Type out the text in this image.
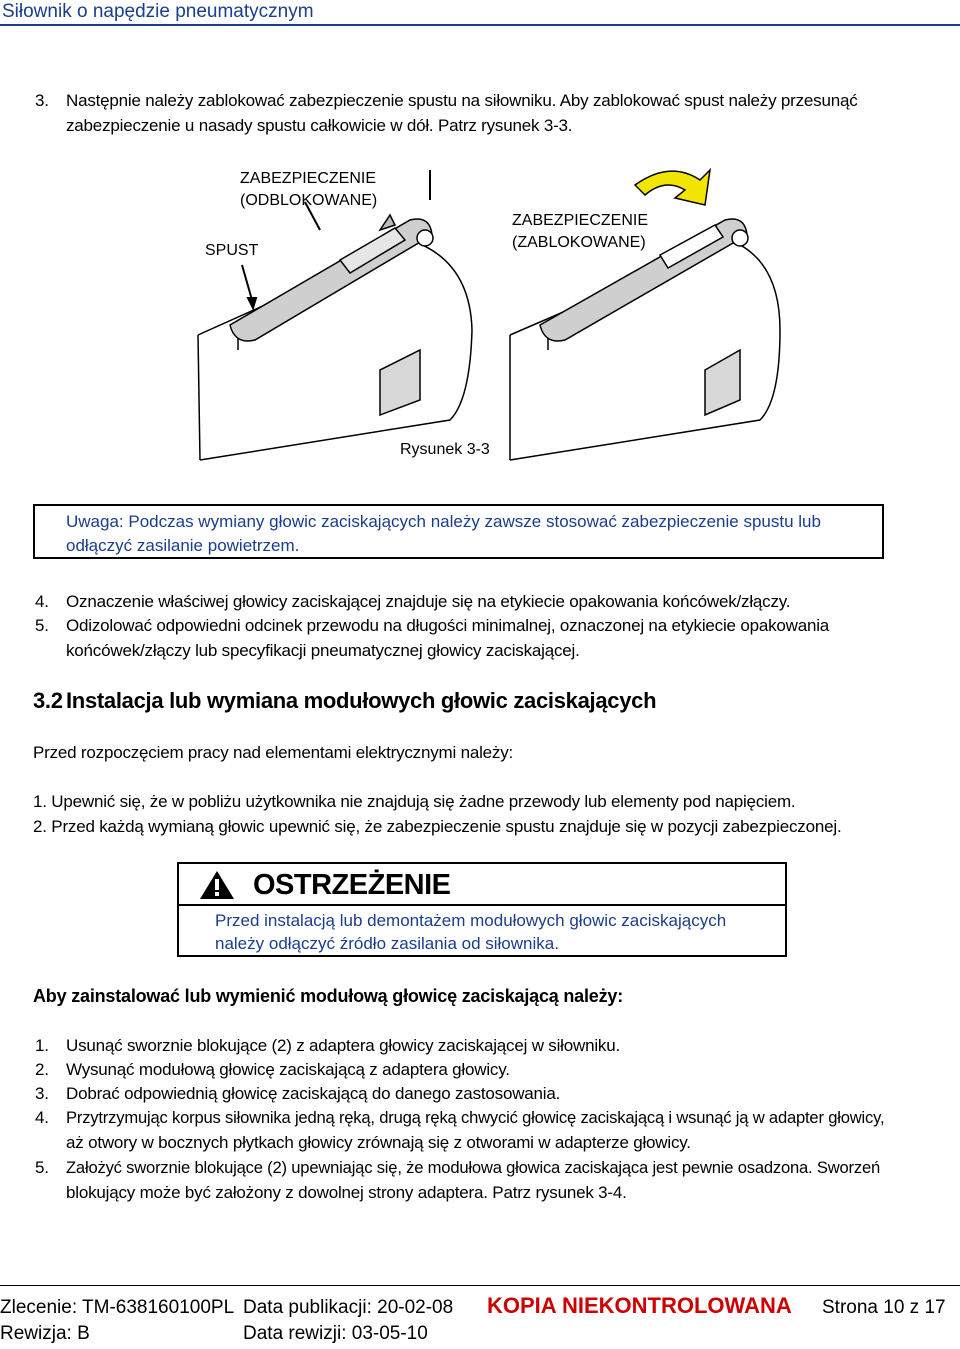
Siłownik o napędzie pneumatycznym
3.	Następnie należy zablokować zabezpieczenie spustu na siłowniku. Aby zablokować spust należy przesunąć
zabezpieczenie u nasady spustu całkowicie w dół. Patrz rysunek 3-3.
SPUST
ZABEZPIECZENIE
(ODBLOKOWANE)
ZABEZPIECZENIE
(ZABLOKOWANE)
Rysunek 3-3
Uwaga: Podczas wymiany głowic zaciskających należy zawsze stosować zabezpieczenie spustu lub
odłączyć zasilanie powietrzem.
4.	Oznaczenie właściwej głowicy zaciskającej znajduje się na etykiecie opakowania końcówek/złączy.
5.	Odizolować odpowiedni odcinek przewodu na długości minimalnej, oznaczonej na etykiecie opakowania
końcówek/złączy lub specyfikacji pneumatycznej głowicy zaciskającej.
3.2 Instalacja lub wymiana modułowych głowic zaciskających
Przed rozpoczęciem pracy nad elementami elektrycznymi należy:
1. Upewnić się, że w pobliżu użytkownika nie znajdują się żadne przewody lub elementy pod napięciem.
2. Przed każdą wymianą głowic upewnić się, że zabezpieczenie spustu znajduje się w pozycji zabezpieczonej.
OSTRZEŻENIE
Przed instalacją lub demontażem modułowych głowic zaciskających
należy odłączyć źródło zasilania od siłownika.
Aby zainstalować lub wymienić modułową głowicę zaciskającą należy:
1.	Usunąć sworznie blokujące (2) z adaptera głowicy zaciskającej w siłowniku.
2.	Wysunąć modułową głowicę zaciskającą z adaptera głowicy.
3.	Dobrać odpowiednią głowicę zaciskającą do danego zastosowania.
4.	Przytrzymując korpus siłownika jedną ręką, drugą ręką chwycić głowicę zaciskającą i wsunąć ją w adapter głowicy,
aż otwory w bocznych płytkach głowicy zrównają się z otworami w adapterze głowicy.
5.	Założyć sworznie blokujące (2) upewniając się, że modułowa głowica zaciskająca jest pewnie osadzona. Sworzeń
blokujący może być założony z dowolnej strony adaptera. Patrz rysunek 3-4.
Zlecenie: TM-638160100PL
Rewizja: B
Data publikacji: 20-02-08
Data rewizji: 03-05-10
KOPIA NIEKONTROLOWANA Strona 10 z 17
